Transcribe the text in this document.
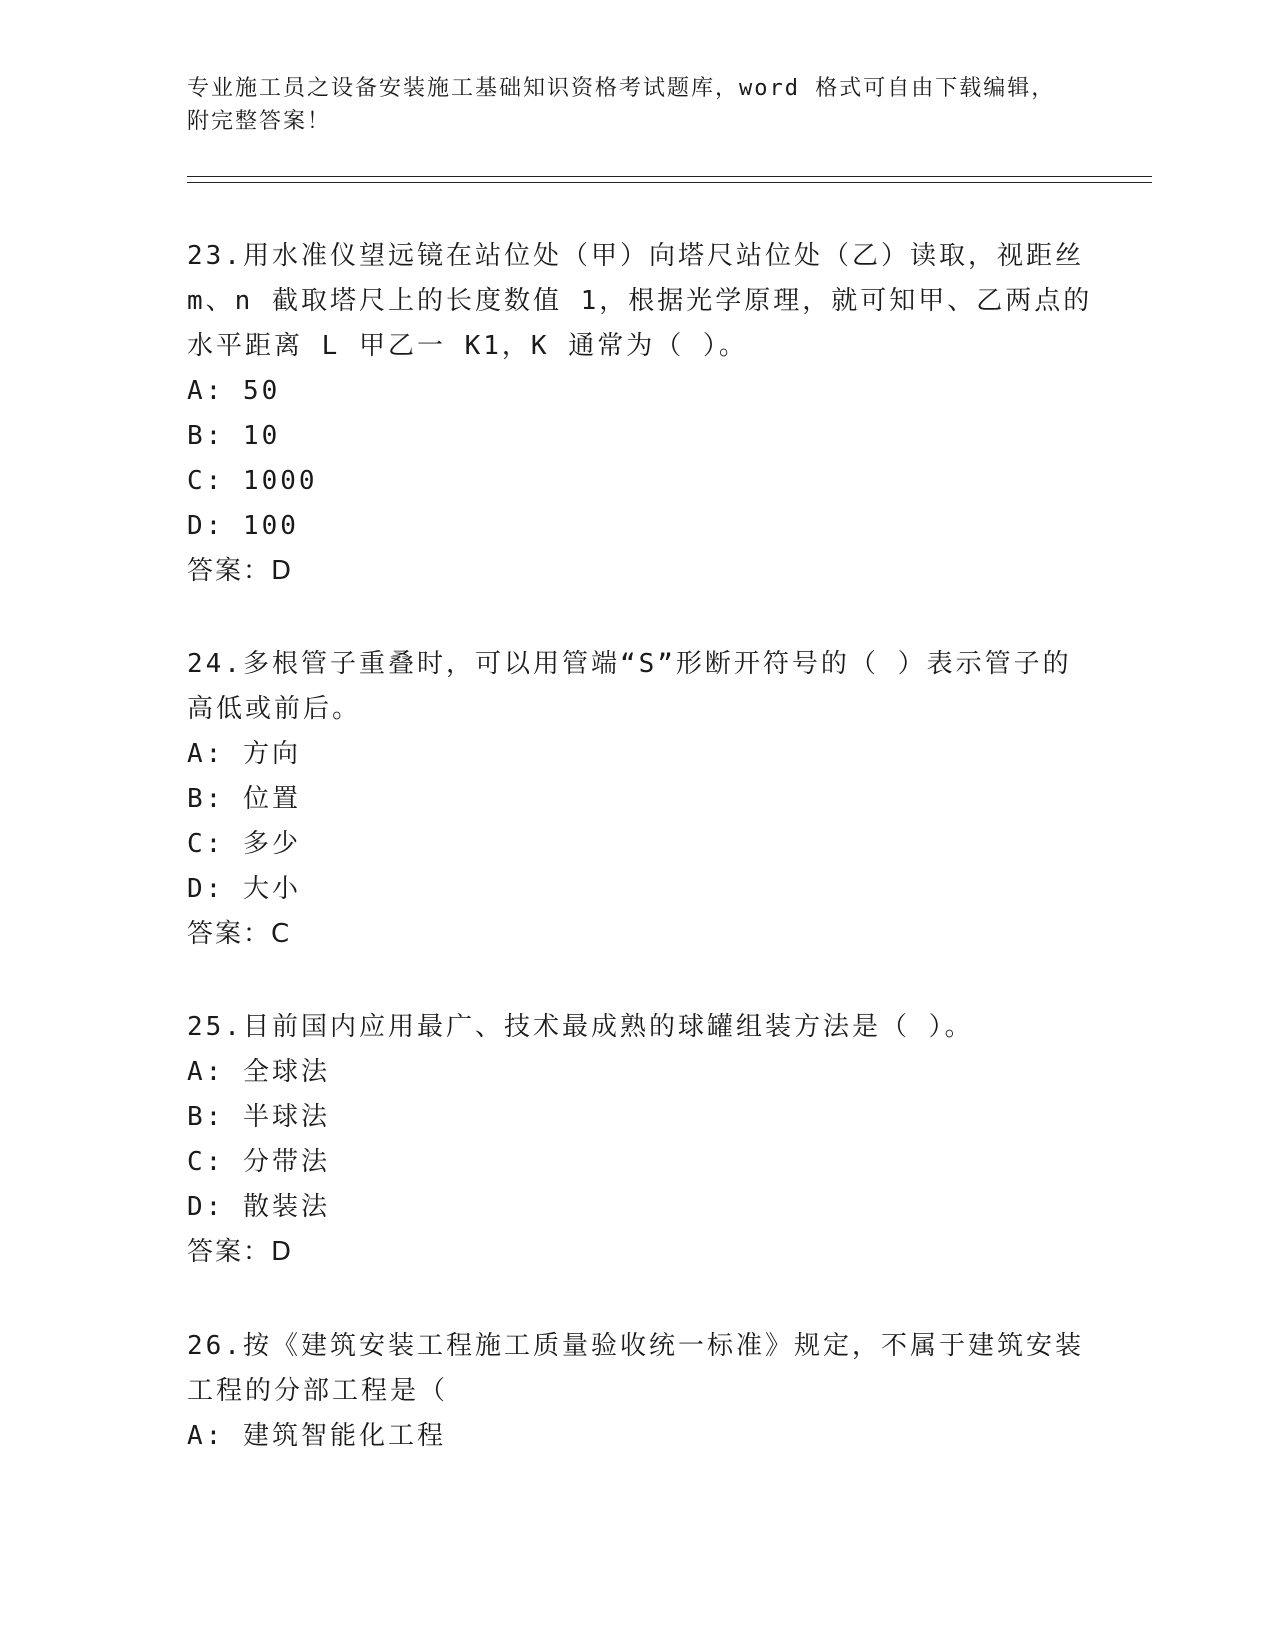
专业施工员之设备安装施工基础知识资格考试题库，word 格式可自由下载编辑，
附完整答案！
23.用水准仪望远镜在站位处（甲）向塔尺站位处（乙）读取，视距丝
m、n 截取塔尺上的长度数值 1，根据光学原理，就可知甲、乙两点的
水平距离 L 甲乙一 K1，K 通常为（ ）。
A: 50
B: 10
C: 1000
D: 100
答案：D
24.多根管子重叠时，可以用管端“S”形断开符号的（ ）表示管子的
高低或前后。
A: 方向
B: 位置
C: 多少
D: 大小
答案：C
25.目前国内应用最广、技术最成熟的球罐组装方法是（ ）。
A: 全球法
B: 半球法
C: 分带法
D: 散装法
答案：D
26.按《建筑安装工程施工质量验收统一标准》规定，不属于建筑安装
工程的分部工程是（
A: 建筑智能化工程
